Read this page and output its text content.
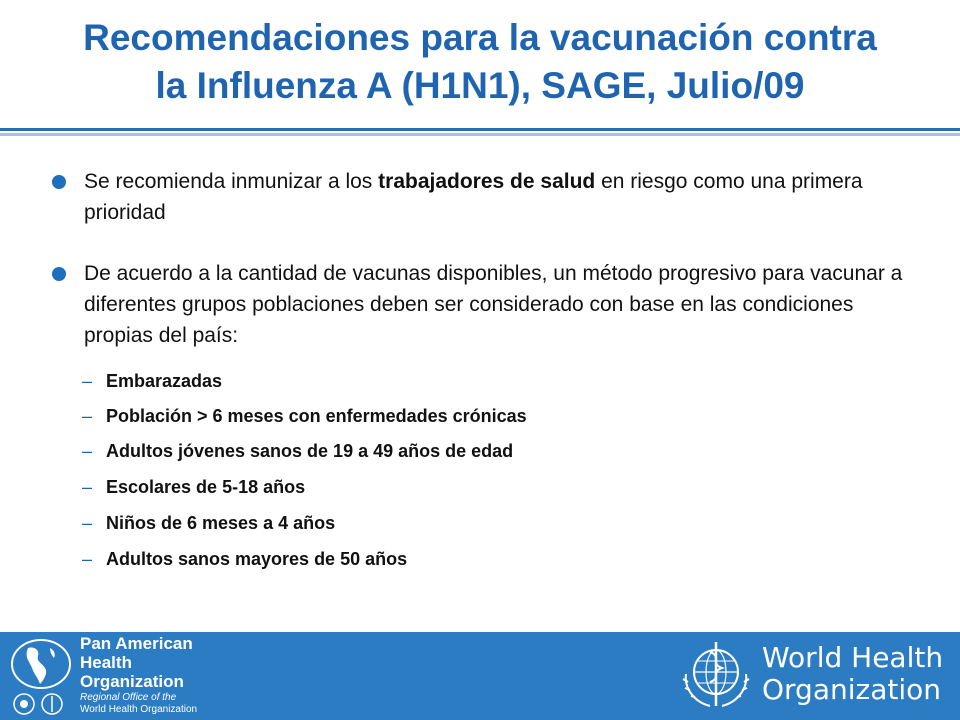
Recomendaciones para la vacunación contra
la Influenza A (H1N1), SAGE, Julio/09
Se recomienda inmunizar a los trabajadores de salud en riesgo como una primera prioridad
De acuerdo a la cantidad de vacunas disponibles, un método progresivo para vacunar a diferentes grupos poblaciones deben ser considerado con base en las condiciones propias del país:
– Embarazadas
– Población > 6 meses con enfermedades crónicas
– Adultos jóvenes sanos de 19 a 49 años de edad
– Escolares de 5-18 años
– Niños de 6 meses a 4 años
– Adultos sanos mayores de 50 años
Pan American
Health
Organization
Regional Office of the
World Health Organization
World Health
Organization
